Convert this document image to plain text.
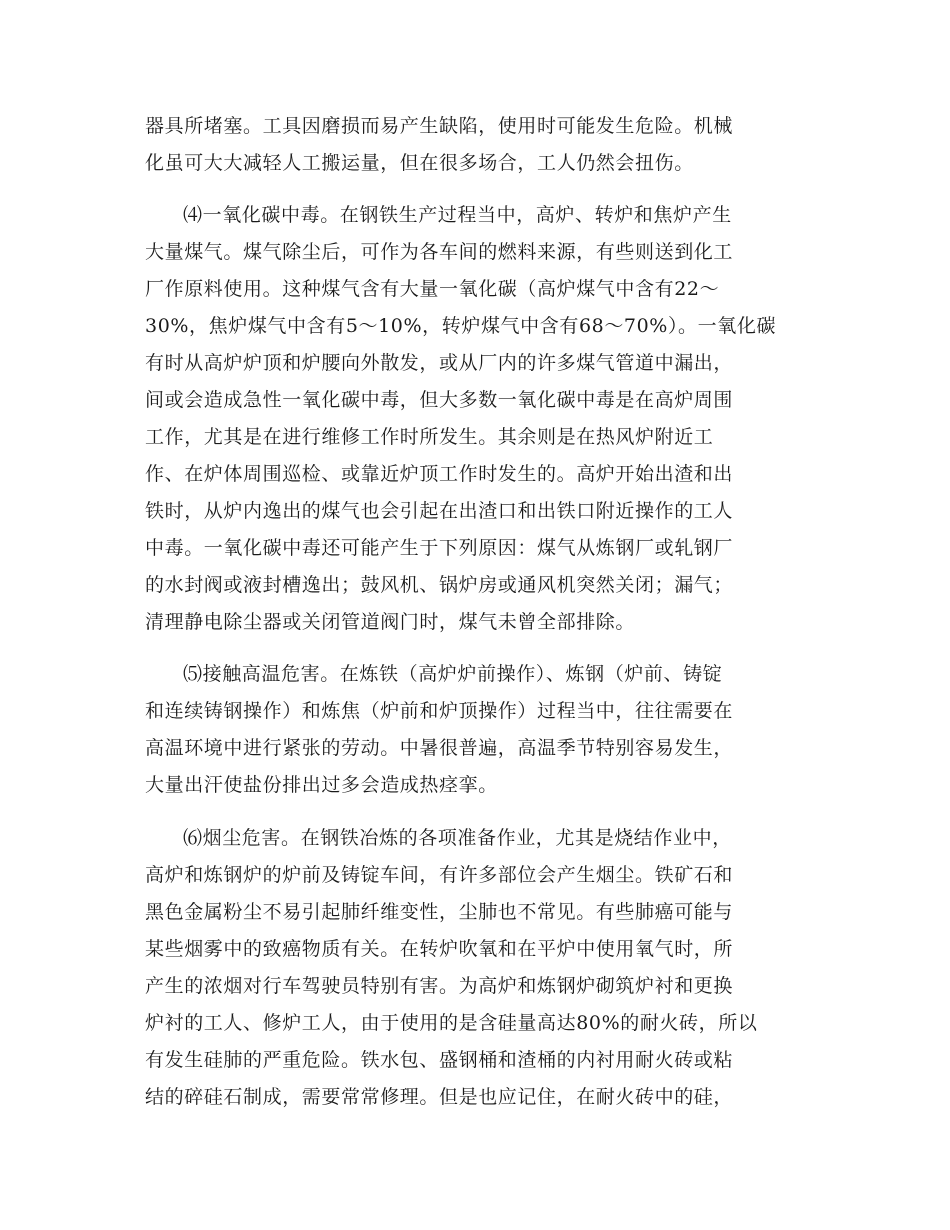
器具所堵塞。工具因磨损而易产生缺陷，使用时可能发生危险。机械
化虽可大大减轻人工搬运量，但在很多场合，工人仍然会扭伤。
⑷一氧化碳中毒。在钢铁生产过程当中，高炉、转炉和焦炉产生
大量煤气。煤气除尘后，可作为各车间的燃料来源，有些则送到化工
厂作原料使用。这种煤气含有大量一氧化碳（高炉煤气中含有22～
30%，焦炉煤气中含有5～10%，转炉煤气中含有68～70%）。一氧化碳
有时从高炉炉顶和炉腰向外散发，或从厂内的许多煤气管道中漏出，
间或会造成急性一氧化碳中毒，但大多数一氧化碳中毒是在高炉周围
工作，尤其是在进行维修工作时所发生。其余则是在热风炉附近工
作、在炉体周围巡检、或靠近炉顶工作时发生的。高炉开始出渣和出
铁时，从炉内逸出的煤气也会引起在出渣口和出铁口附近操作的工人
中毒。一氧化碳中毒还可能产生于下列原因：煤气从炼钢厂或轧钢厂
的水封阀或液封槽逸出；鼓风机、锅炉房或通风机突然关闭；漏气；
清理静电除尘器或关闭管道阀门时，煤气未曾全部排除。
⑸接触高温危害。在炼铁（高炉炉前操作）、炼钢（炉前、铸锭
和连续铸钢操作）和炼焦（炉前和炉顶操作）过程当中，往往需要在
高温环境中进行紧张的劳动。中暑很普遍，高温季节特别容易发生，
大量出汗使盐份排出过多会造成热痉挛。
⑹烟尘危害。在钢铁冶炼的各项准备作业，尤其是烧结作业中，
高炉和炼钢炉的炉前及铸锭车间，有许多部位会产生烟尘。铁矿石和
黑色金属粉尘不易引起肺纤维变性，尘肺也不常见。有些肺癌可能与
某些烟雾中的致癌物质有关。在转炉吹氧和在平炉中使用氧气时，所
产生的浓烟对行车驾驶员特别有害。为高炉和炼钢炉砌筑炉衬和更换
炉衬的工人、修炉工人，由于使用的是含硅量高达80%的耐火砖，所以
有发生硅肺的严重危险。铁水包、盛钢桶和渣桶的内衬用耐火砖或粘
结的碎硅石制成，需要常常修理。但是也应记住，在耐火砖中的硅，
